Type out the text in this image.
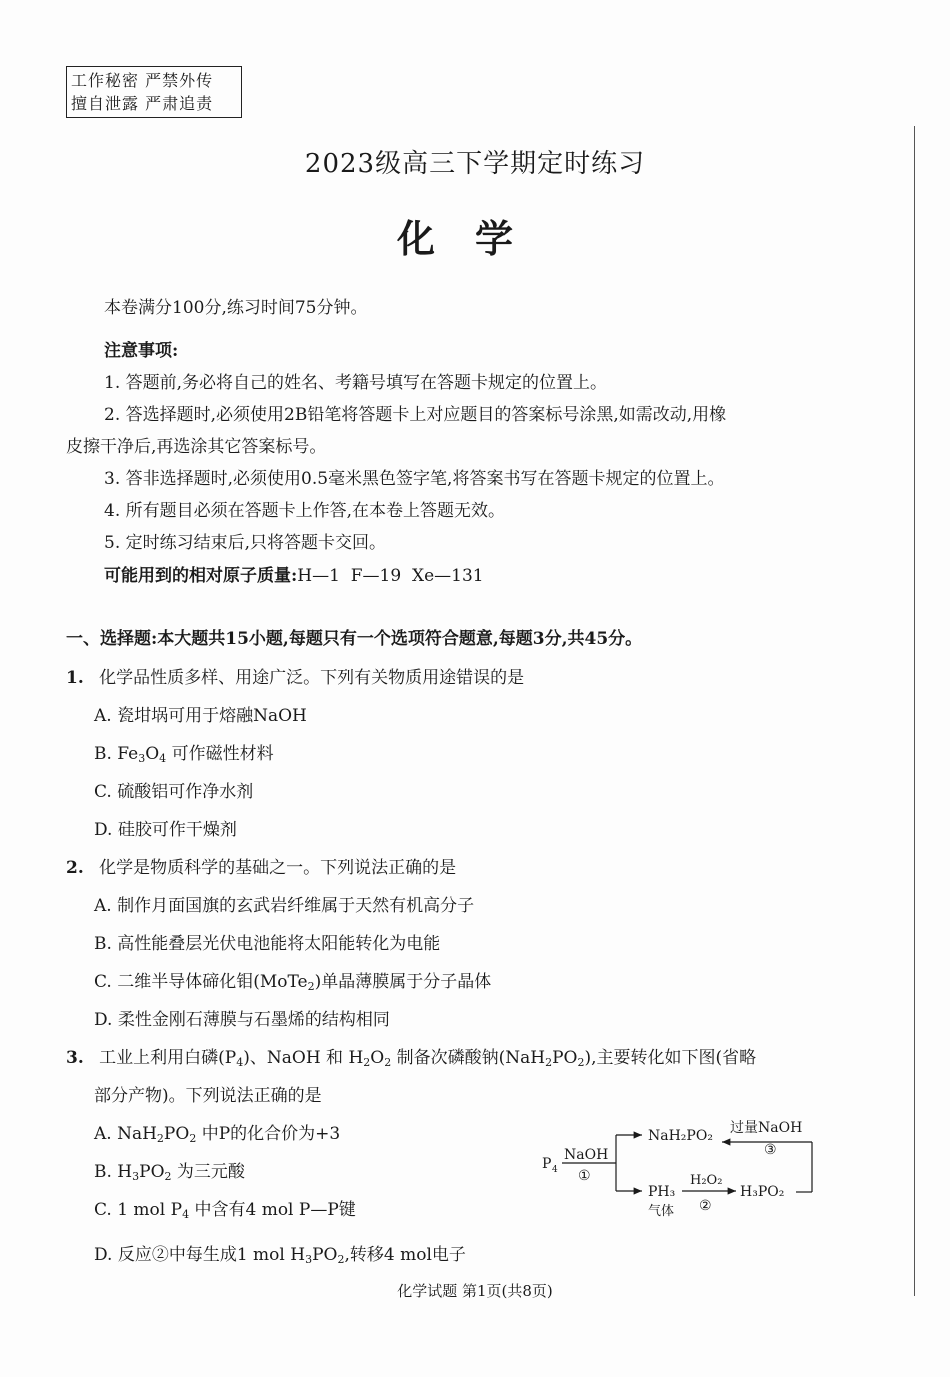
工作秘密 严禁外传
擅自泄露 严肃追责
2023级高三下学期定时练习
化学
本卷满分100分,练习时间75分钟。
注意事项:
1. 答题前,务必将自己的姓名、考籍号填写在答题卡规定的位置上。
2. 答选择题时,必须使用2B铅笔将答题卡上对应题目的答案标号涂黑,如需改动,用橡
皮擦干净后,再选涂其它答案标号。
3. 答非选择题时,必须使用0.5毫米黑色签字笔,将答案书写在答题卡规定的位置上。
4. 所有题目必须在答题卡上作答,在本卷上答题无效。
5. 定时练习结束后,只将答题卡交回。
可能用到的相对原子质量:H—1  F—19  Xe—131
一、选择题:本大题共15小题,每题只有一个选项符合题意,每题3分,共45分。
1. 化学品性质多样、用途广泛。下列有关物质用途错误的是
A. 瓷坩埚可用于熔融NaOH
B. $Fe_3O_4$ 可作磁性材料
C. 硫酸铝可作净水剂
D. 硅胶可作干燥剂
2. 化学是物质科学的基础之一。下列说法正确的是
A. 制作月面国旗的玄武岩纤维属于天然有机高分子
B. 高性能叠层光伏电池能将太阳能转化为电能
C. 二维半导体碲化钼(MoTe$_2$)单晶薄膜属于分子晶体
D. 柔性金刚石薄膜与石墨烯的结构相同
3. 工业上利用白磷$(P_4)$、NaOH 和 $H_2O_2$ 制备次磷酸钠$(NaH_2PO_2)$,主要转化如下图(省略
部分产物)。下列说法正确的是
A. $NaH_2PO_2$ 中P的化合价为+3
B. $H_3PO_2$ 为三元酸
C. 1 mol $P_4$ 中含有4 mol P—P键
D. 反应②中每生成1 mol $H_3PO_2$,转移4 mol电子
P 4
NaOH
①
NaH₂PO₂ 过量NaOH
③
PH₃
气体
H₂O₂
②
H₃PO₂
化学试题 第1页(共8页)
